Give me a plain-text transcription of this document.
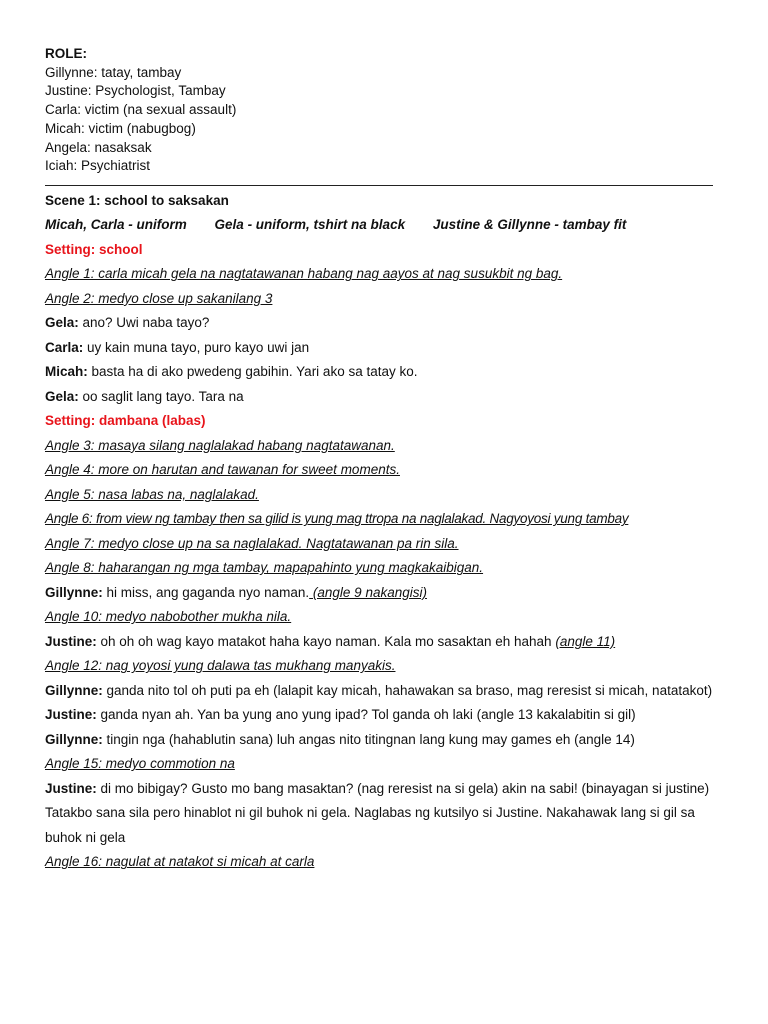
ROLE:
Gillynne: tatay, tambay
Justine: Psychologist, Tambay
Carla: victim (na sexual assault)
Micah: victim (nabugbog)
Angela: nasaksak
Iciah: Psychiatrist
Scene 1: school to saksakan
Micah, Carla - uniform Gela - uniform, tshirt na black Justine & Gillynne - tambay fit
Setting: school
Angle 1: carla micah gela na nagtatawanan habang nag aayos at nag susukbit ng bag.
Angle 2: medyo close up sakanilang 3
Gela: ano? Uwi naba tayo?
Carla: uy kain muna tayo, puro kayo uwi jan
Micah: basta ha di ako pwedeng gabihin. Yari ako sa tatay ko.
Gela: oo saglit lang tayo. Tara na
Setting: dambana (labas)
Angle 3: masaya silang naglalakad habang nagtatawanan.
Angle 4: more on harutan and tawanan for sweet moments.
Angle 5: nasa labas na, naglalakad.
Angle 6: from view ng tambay then sa gilid is yung mag ttropa na naglalakad. Nagyoyosi yung tambay
Angle 7: medyo close up na sa naglalakad. Nagtatawanan pa rin sila.
Angle 8: haharangan ng mga tambay, mapapahinto yung magkakaibigan.
Gillynne: hi miss, ang gaganda nyo naman. (angle 9 nakangisi)
Angle 10: medyo nabobother mukha nila.
Justine: oh oh oh wag kayo matakot haha kayo naman. Kala mo sasaktan eh hahah (angle 11)
Angle 12: nag yoyosi yung dalawa tas mukhang manyakis.
Gillynne: ganda nito tol oh puti pa eh (lalapit kay micah, hahawakan sa braso, mag reresist si micah, natatakot)
Justine: ganda nyan ah. Yan ba yung ano yung ipad? Tol ganda oh laki (angle 13 kakalabitin si gil)
Gillynne: tingin nga (hahablutin sana) luh angas nito titingnan lang kung may games eh (angle 14)
Angle 15: medyo commotion na
Justine: di mo bibigay? Gusto mo bang masaktan? (nag reresist na si gela) akin na sabi! (binayagan si justine)
Tatakbo sana sila pero hinablot ni gil buhok ni gela. Naglabas ng kutsilyo si Justine. Nakahawak lang si gil sa buhok ni gela
Angle 16: nagulat at natakot si micah at carla
